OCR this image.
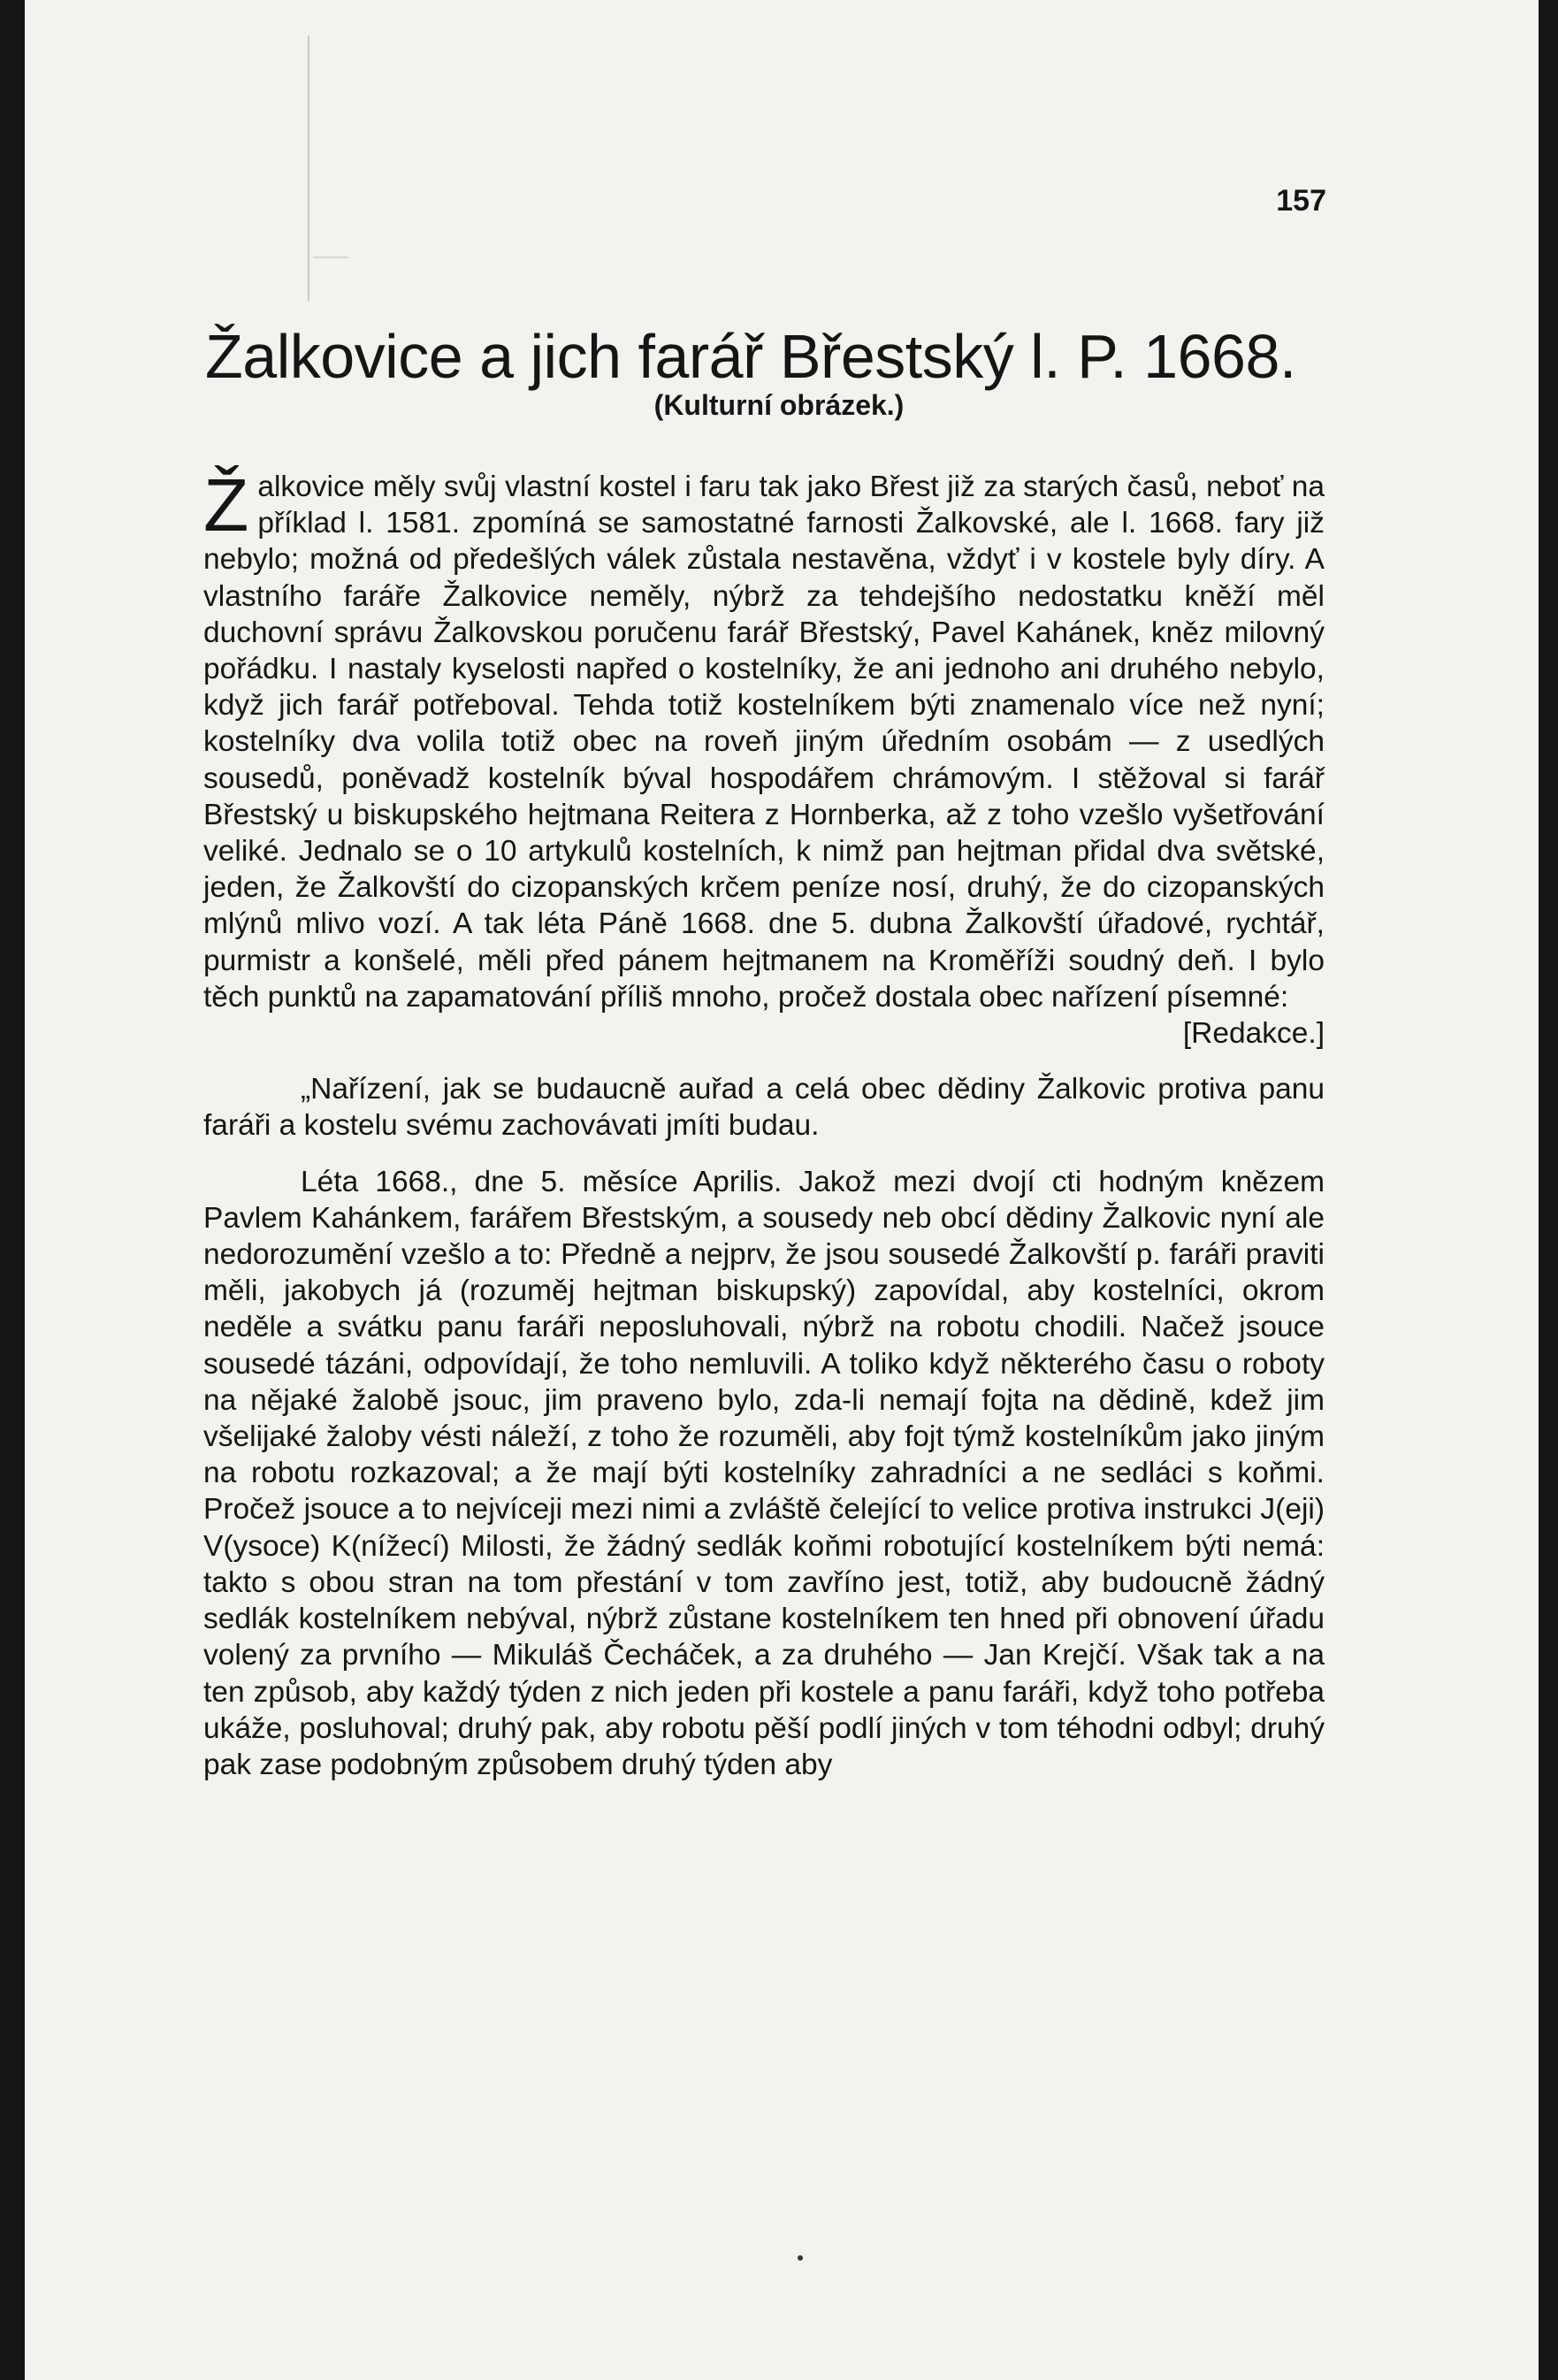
157
Žalkovice a jich farář Břestský l. P. 1668.
(Kulturní obrázek.)

Žalkovice měly svůj vlastní kostel i faru tak jako Břest již za starých časů, neboť na příklad l. 1581. zpomíná se samostatné farnosti Žalkovské, ale l. 1668. fary již nebylo; možná od předešlých válek zůstala nestavěna, vždyť i v kostele byly díry. A vlastního faráře Žalkovice neměly, nýbrž za tehdejšího nedostatku kněží měl duchovní správu Žalkovskou poručenu farář Břestský, Pavel Kahánek, kněz milovný pořádku. I nastaly kyselosti napřed o kostelníky, že ani jednoho ani druhého nebylo, když jich farář potřeboval. Tehda totiž kostelníkem býti znamenalo více než nyní; kostelníky dva volila totiž obec na roveň jiným úředním osobám — z usedlých sousedů, poněvadž kostelník býval hospodářem chrámovým. I stěžoval si farář Břestský u biskupského hejtmana Reitera z Hornberka, až z toho vzešlo vyšetřování veliké. Jednalo se o 10 artykulů kostelních, k nimž pan hejtman přidal dva světské, jeden, že Žalkovští do cizopanských krčem peníze nosí, druhý, že do cizopanských mlýnů mlivo vozí. A tak léta Páně 1668. dne 5. dubna Žalkovští úřadové, rychtář, purmistr a konšelé, měli před pánem hejtmanem na Kroměříži soudný deň. I bylo těch punktů na zapamatování příliš mnoho, pročež dostala obec nařízení písemné:
[Redakce.]

„Nařízení, jak se budaucně auřad a celá obec dědiny Žalkovic protiva panu faráři a kostelu svému zachovávati jmíti budau.

Léta 1668., dne 5. měsíce Aprilis. Jakož mezi dvojí cti hodným knězem Pavlem Kahánkem, farářem Břestským, a sousedy neb obcí dědiny Žalkovic nyní ale nedorozumění vzešlo a to: Předně a nejprv, že jsou sousedé Žalkovští p. faráři praviti měli, jakobych já (rozuměj hejtman biskupský) zapovídal, aby kostelníci, okrom neděle a svátku panu faráři neposluhovali, nýbrž na robotu chodili. Načež jsouce sousedé tázáni, odpovídají, že toho nemluvili. A toliko když některého času o roboty na nějaké žalobě jsouc, jim praveno bylo, zda-li nemají fojta na dědině, kdež jim všelijaké žaloby vésti náleží, z toho že rozuměli, aby fojt týmž kostelníkům jako jiným na robotu rozkazoval; a že mají býti kostelníky zahradníci a ne sedláci s koňmi. Pročež jsouce a to nejvíceji mezi nimi a zvláště čelející to velice protiva instrukci J(eji) V(ysoce) K(nížecí) Milosti, že žádný sedlák koňmi robotující kostelníkem býti nemá: takto s obou stran na tom přestání v tom zavříno jest, totiž, aby budoucně žádný sedlák kostelníkem nebýval, nýbrž zůstane kostelníkem ten hned při obnovení úřadu volený za prvního — Mikuláš Čecháček, a za druhého — Jan Krejčí. Však tak a na ten způsob, aby každý týden z nich jeden při kostele a panu faráři, když toho potřeba ukáže, posluhoval; druhý pak, aby robotu pěší podlí jiných v tom téhodni odbyl; druhý pak zase podobným způsobem druhý týden aby
